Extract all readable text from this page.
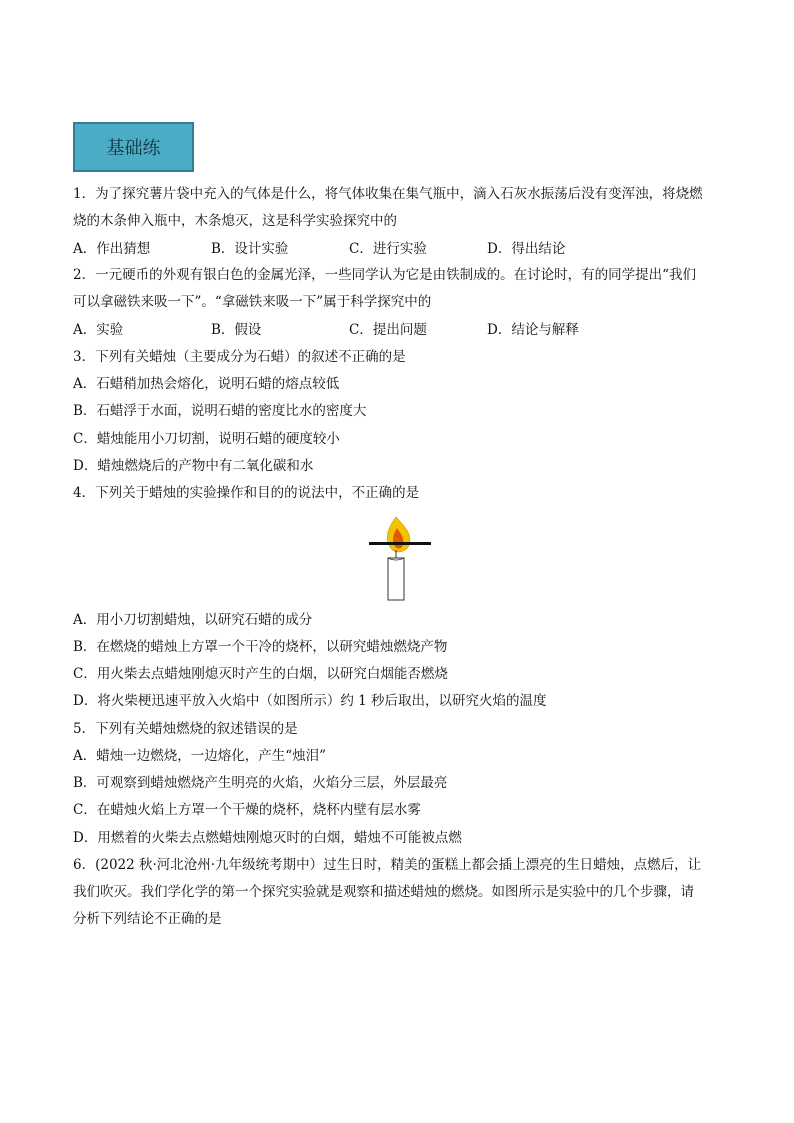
基础练
1．为了探究薯片袋中充入的气体是什么，将气体收集在集气瓶中，滴入石灰水振荡后没有变浑浊，将烧燃
烧的木条伸入瓶中，木条熄灭，这是科学实验探究中的
A．作出猜想	B．设计实验	C．进行实验	D．得出结论
2．一元硬币的外观有银白色的金属光泽，一些同学认为它是由铁制成的。在讨论时，有的同学提出“我们
可以拿磁铁来吸一下”。“拿磁铁来吸一下”属于科学探究中的
A．实验	B．假设	C．提出问题	D．结论与解释
3．下列有关蜡烛（主要成分为石蜡）的叙述不正确的是
A．石蜡稍加热会熔化，说明石蜡的熔点较低
B．石蜡浮于水面，说明石蜡的密度比水的密度大
C．蜡烛能用小刀切割，说明石蜡的硬度较小
D．蜡烛燃烧后的产物中有二氧化碳和水
4．下列关于蜡烛的实验操作和目的的说法中，不正确的是
A．用小刀切割蜡烛，以研究石蜡的成分
B．在燃烧的蜡烛上方罩一个干冷的烧杯，以研究蜡烛燃烧产物
C．用火柴去点蜡烛刚熄灭时产生的白烟，以研究白烟能否燃烧
D．将火柴梗迅速平放入火焰中（如图所示）约 1 秒后取出，以研究火焰的温度
5．下列有关蜡烛燃烧的叙述错误的是
A．蜡烛一边燃烧，一边熔化，产生“烛泪”
B．可观察到蜡烛燃烧产生明亮的火焰，火焰分三层，外层最亮
C．在蜡烛火焰上方罩一个干燥的烧杯，烧杯内壁有层水雾
D．用燃着的火柴去点燃蜡烛刚熄灭时的白烟，蜡烛不可能被点燃
6．(2022 秋·河北沧州·九年级统考期中）过生日时，精美的蛋糕上都会插上漂亮的生日蜡烛，点燃后，让
我们吹灭。我们学化学的第一个探究实验就是观察和描述蜡烛的燃烧。如图所示是实验中的几个步骤，请
分析下列结论不正确的是
